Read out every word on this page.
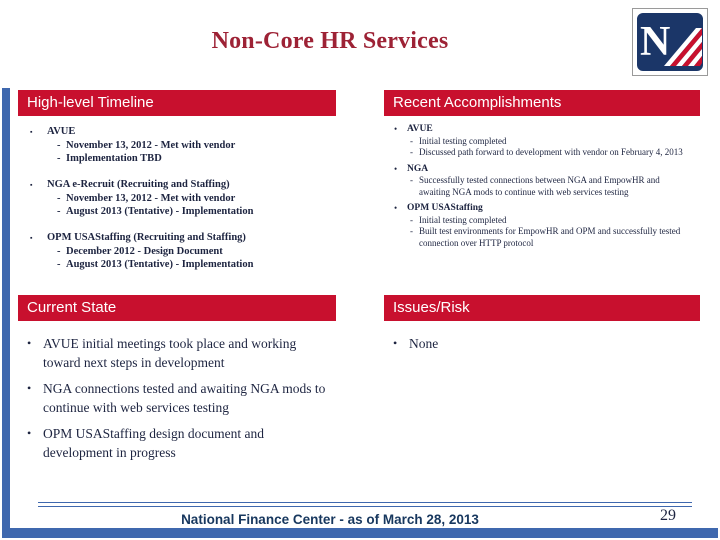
Non-Core HR Services	N
High-level Timeline
▪	AVUE
- November 13, 2012 - Met with vendor
- Implementation TBD
▪	NGA e-Recruit (Recruiting and Staffing)
- November 13, 2012 - Met with vendor
- August 2013 (Tentative) - Implementation
▪	OPM USAStaffing (Recruiting and Staffing)
- December 2012 - Design Document
- August 2013 (Tentative) - Implementation
Recent Accomplishments
•	AVUE
- Initial testing completed
- Discussed path forward to development with vendor on February 4, 2013
•	NGA
- Successfully tested connections between NGA and EmpowHR and awaiting NGA mods to continue with web services testing
•	OPM USAStaffing
- Initial testing completed
- Built test environments for EmpowHR and OPM and successfully tested connection over HTTP protocol
Current State
• AVUE initial meetings took place and working toward next steps in development
• NGA connections tested and awaiting NGA mods to continue with web services testing
• OPM USAStaffing design document and development in progress
Issues/Risk
• None
National Finance Center - as of March 28, 2013	29
